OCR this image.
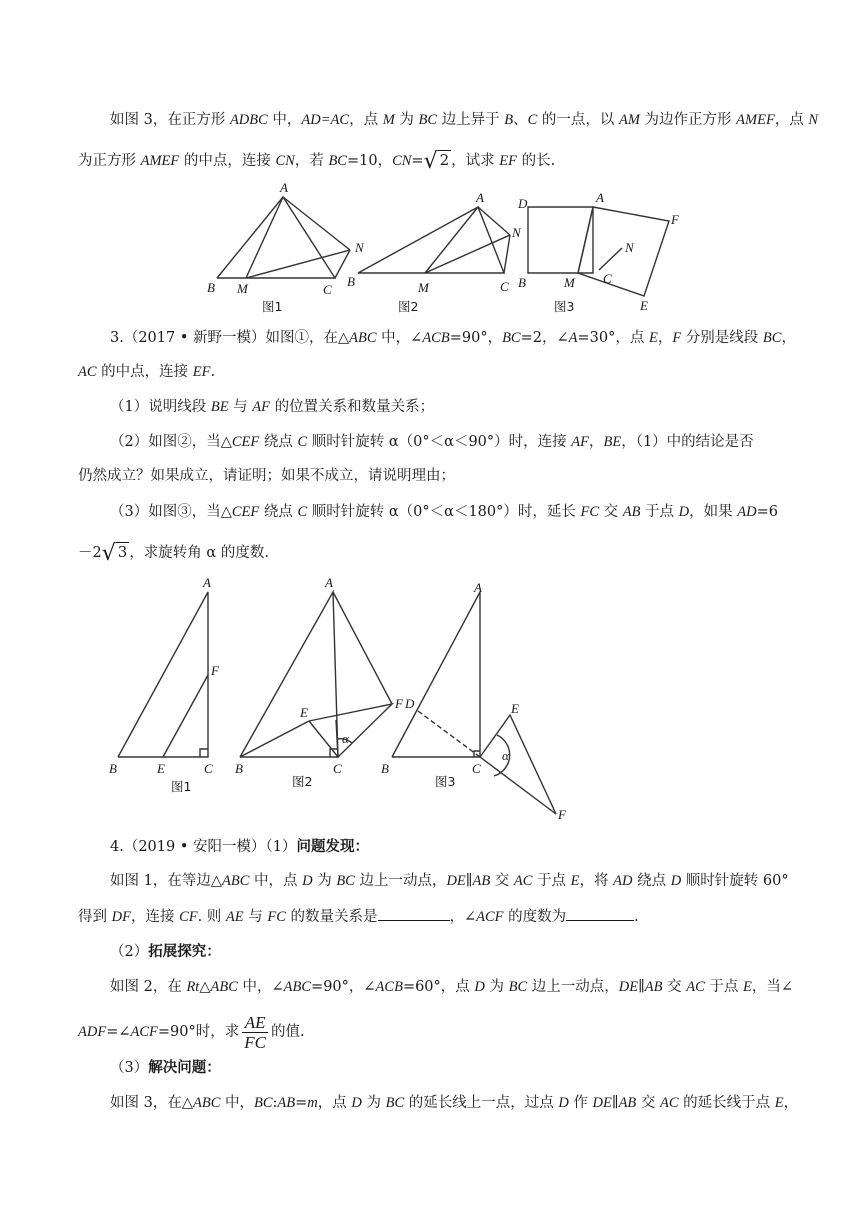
如图 3，在正方形 ADBC 中，AD=AC，点 M 为 BC 边上异于 B、C 的一点，以 AM 为边作正方形 AMEF，点 N
为正方形 AMEF 的中点，连接 CN，若 BC=10，CN=√ 2 ，试求 EF 的长.
A
B M	C
N
图1
A
B	M	C
N
图2
D	A
F
N
B	M C
E
图3
3.（2017 • 新野一模）如图①，在△ABC 中，∠ACB=90°，BC=2，∠A=30°，点 E，F 分别是线段 BC，
AC 的中点，连接 EF.
（1）说明线段 BE 与 AF 的位置关系和数量关系；
（2）如图②，当△CEF 绕点 C 顺时针旋转 α（0°＜α＜90°）时，连接 AF，BE，（1）中的结论是否
仍然成立？如果成立，请证明；如果不成立，请说明理由；
（3）如图③，当△CEF 绕点 C 顺时针旋转 α（0°＜α＜180°）时，延长 FC 交 AB 于点 D，如果 AD=6
－2√ 3 ，求旋转角 α 的度数.
A
F
B	E	C
图1
A
F
E
α
B	C
图2
A
D	E
α
B	C
F
图3
4.（2019 • 安阳一模）（1）问题发现：
如图 1，在等边△ABC 中，点 D 为 BC 边上一动点，DE∥AB 交 AC 于点 E，将 AD 绕点 D 顺时针旋转 60°
得到 DF，连接 CF. 则 AE 与 FC 的数量关系是	，∠ACF 的度数为	.
（2）拓展探究：
如图 2，在 Rt△ABC 中，∠ABC=90°，∠ACB=60°，点 D 为 BC 边上一动点，DE∥AB 交 AC 于点 E，当∠
ADF=∠ACF=90°时，求 $\frac{AE}{FC}$ 的值.
（3）解决问题：
如图 3，在△ABC 中，BC:AB=m，点 D 为 BC 的延长线上一点，过点 D 作 DE∥AB 交 AC 的延长线于点 E，
